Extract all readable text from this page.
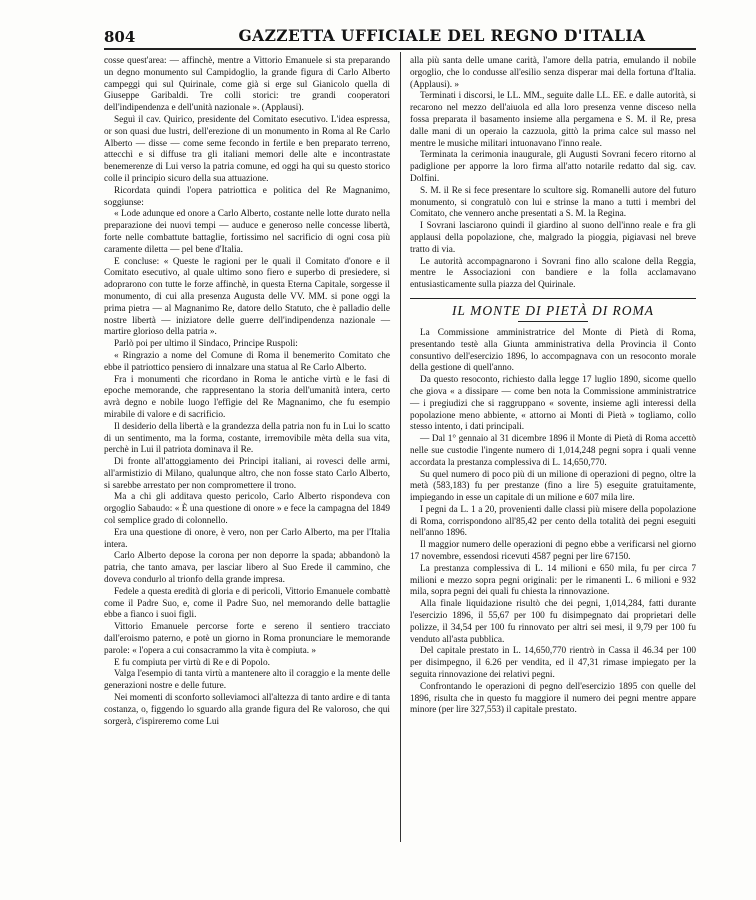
804	GAZZETTA UFFICIALE DEL REGNO D'ITALIA

cosse quest'area: — affinchè, mentre a Vittorio Emanuele si sta preparando un degno monumento sul Campidoglio, la grande figura di Carlo Alberto campeggi qui sul Quirinale, come già si erge sul Gianicolo quella di Giuseppe Garibaldi. Tre colli storici: tre grandi cooperatori dell'indipendenza e dell'unità nazionale ». (Applausi).

Seguì il cav. Quirico, presidente del Comitato esecutivo. L'idea espressa, or son quasi due lustri, dell'erezione di un monumento in Roma al Re Carlo Alberto — disse — come seme fecondo in fertile e ben preparato terreno, attecchì e si diffuse tra gli italiani memori delle alte e incontrastate benemerenze di Lui verso la patria comune, ed oggi ha qui su questo storico colle il principio sicuro della sua attuazione.

Ricordata quindi l'opera patriottica e politica del Re Magnanimo, soggiunse:

« Lode adunque ed onore a Carlo Alberto, costante nelle lotte durato nella preparazione dei nuovi tempi — auduce e generoso nelle concesse libertà, forte nelle combattute battaglie, fortissimo nel sacrificio di ogni cosa più caramente diletta — pel bene d'Italia.

E concluse: « Queste le ragioni per le quali il Comitato d'onore e il Comitato esecutivo, al quale ultimo sono fiero e superbo di presiedere, si adoprarono con tutte le forze affinchè, in questa Eterna Capitale, sorgesse il monumento, di cui alla presenza Augusta delle VV. MM. si pone oggi la prima pietra — al Magnanimo Re, datore dello Statuto, che è palladio delle nostre libertà — iniziatore delle guerre dell'indipendenza nazionale — martire glorioso della patria ».

Parlò poi per ultimo il Sindaco, Principe Ruspoli:

« Ringrazio a nome del Comune di Roma il benemerito Comitato che ebbe il patriottico pensiero di innalzare una statua al Re Carlo Alberto.

Fra i monumenti che ricordano in Roma le antiche virtù e le fasi di epoche memorande, che rappresentano la storia dell'umanità intera, certo avrà degno e nobile luogo l'effigie del Re Magnanimo, che fu esempio mirabile di valore e di sacrificio.

Il desiderio della libertà e la grandezza della patria non fu in Lui lo scatto di un sentimento, ma la forma, costante, irremovibile mèta della sua vita, perchè in Lui il patriota dominava il Re.

Di fronte all'attoggiamento dei Principi italiani, ai rovesci delle armi, all'armistizio di Milano, qualunque altro, che non fosse stato Carlo Alberto, si sarebbe arrestato per non compromettere il trono.

Ma a chi gli additava questo pericolo, Carlo Alberto rispondeva con orgoglio Sabaudo: « È una questione di onore » e fece la campagna del 1849 col semplice grado di colonnello.

Era una questione di onore, è vero, non per Carlo Alberto, ma per l'Italia intera.

Carlo Alberto depose la corona per non deporre la spada; abbandonò la patria, che tanto amava, per lasciar libero al Suo Erede il cammino, che doveva condurlo al trionfo della grande impresa.

Fedele a questa eredità di gloria e di pericoli, Vittorio Emanuele combattè come il Padre Suo, e, come il Padre Suo, nel memorando delle battaglie ebbe a fianco i suoi figli.

Vittorio Emanuele percorse forte e sereno il sentiero tracciato dall'eroismo paterno, e potè un giorno in Roma pronunciare le memorande parole: « l'opera a cui consacrammo la vita è compiuta. »

E fu compiuta per virtù di Re e di Popolo.

Valga l'esempio di tanta virtù a mantenere alto il coraggio e la mente delle generazioni nostre e delle future.

Nei momenti di sconforto solleviamoci all'altezza di tanto ardire e di tanta costanza, o, figgendo lo sguardo alla grande figura del Re valoroso, che qui sorgerà, c'ispireremo come Lui

alla più santa delle umane carità, l'amore della patria, emulando il nobile orgoglio, che lo condusse all'esilio senza disperar mai della fortuna d'Italia. (Applausi). »

Terminati i discorsi, le LL. MM., seguite dalle LL. EE. e dalle autorità, si recarono nel mezzo dell'aiuola ed alla loro presenza venne disceso nella fossa preparata il basamento insieme alla pergamena e S. M. il Re, presa dalle mani di un operaio la cazzuola, gittò la prima calce sul masso nel mentre le musiche militari intuonavano l'inno reale.

Terminata la cerimonia inaugurale, gli Augusti Sovrani fecero ritorno al padiglione per apporre la loro firma all'atto notarile redatto dal sig. cav. Dolfini.

S. M. il Re si fece presentare lo scultore sig. Romanelli autore del futuro monumento, si congratulò con lui e strinse la mano a tutti i membri del Comitato, che vennero anche presentati a S. M. la Regina.

I Sovrani lasciarono quindi il giardino al suono dell'inno reale e fra gli applausi della popolazione, che, malgrado la pioggia, pigiavasi nel breve tratto di via.

Le autorità accompagnarono i Sovrani fino allo scalone della Reggia, mentre le Associazioni con bandiere e la folla acclamavano entusiasticamente sulla piazza del Quirinale.

IL MONTE DI PIETÀ DI ROMA

La Commissione amministratrice del Monte di Pietà di Roma, presentando testè alla Giunta amministrativa della Provincia il Conto consuntivo dell'esercizio 1896, lo accompagnava con un resoconto morale della gestione di quell'anno.

Da questo resoconto, richiesto dalla legge 17 luglio 1890, sicome quello che giova « a dissipare — come ben nota la Commissione amministratrice — i pregiudizi che si raggruppano « sovente, insieme agli interessi della popolazione meno abbiente, « attorno ai Monti di Pietà » togliamo, collo stesso intento, i dati principali.

— Dal 1° gennaio al 31 dicembre 1896 il Monte di Pietà di Roma accettò nelle sue custodie l'ingente numero di 1,014,248 pegni sopra i quali venne accordata la prestanza complessiva di L. 14,650,770.

Su quel numero di poco più di un milione di operazioni di pegno, oltre la metà (583,183) fu per prestanze (fino a lire 5) eseguite gratuitamente, impiegando in esse un capitale di un milione e 607 mila lire.

I pegni da L. 1 a 20, provenienti dalle classi più misere della popolazione di Roma, corrispondono all'85,42 per cento della totalità dei pegni eseguiti nell'anno 1896.

Il maggior numero delle operazioni di pegno ebbe a verificarsi nel giorno 17 novembre, essendosi ricevuti 4587 pegni per lire 67150.

La prestanza complessiva di L. 14 milioni e 650 mila, fu per circa 7 milioni e mezzo sopra pegni originali: per le rimanenti L. 6 milioni e 932 mila, sopra pegni dei quali fu chiesta la rinnovazione.

Alla finale liquidazione risultò che dei pegni, 1,014,284, fatti durante l'esercizio 1896, il 55,67 per 100 fu disimpegnato dai proprietari delle polizze, il 34,54 per 100 fu rinnovato per altri sei mesi, il 9,79 per 100 fu venduto all'asta pubblica.

Del capitale prestato in L. 14,650,770 rientrò in Cassa il 46.34 per 100 per disimpegno, il 6.26 per vendita, ed il 47,31 rimase impiegato per la seguita rinnovazione dei relativi pegni.

Confrontando le operazioni di pegno dell'esercizio 1895 con quelle del 1896, risulta che in questo fu maggiore il numero dei pegni mentre appare minore (per lire 327,553) il capitale prestato.
